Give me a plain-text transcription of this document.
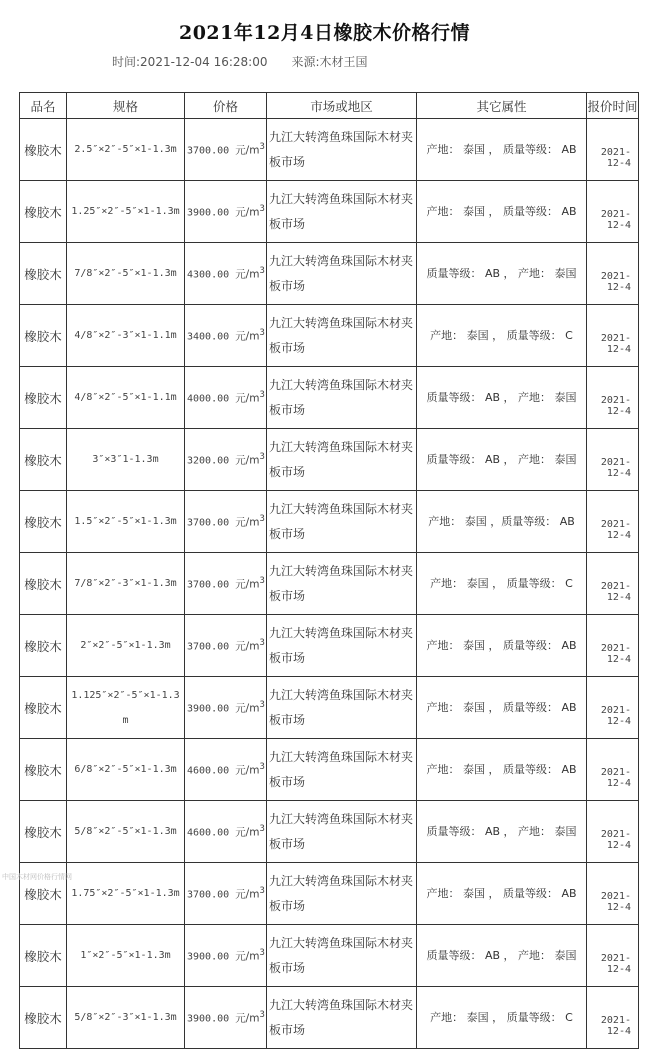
2021年12月4日橡胶木价格行情
时间:2021-12-04 16:28:00 来源:木材王国
品名	规格	价格	市场或地区	其它属性	报价时间
橡胶木	2.5″×2″-5″×1-1.3m	3700.00 元$/m^3$	九江大转湾鱼珠国际木材夹板市场	产地： 泰国 ， 质量等级： AB	2021-12-4
橡胶木	1.25″×2″-5″×1-1.3m	3900.00 元$/m^3$	九江大转湾鱼珠国际木材夹板市场	产地： 泰国 ， 质量等级： AB	2021-12-4
橡胶木	7/8″×2″-5″×1-1.3m	4300.00 元$/m^3$	九江大转湾鱼珠国际木材夹板市场	质量等级： AB ， 产地： 泰国	2021-12-4
橡胶木	4/8″×2″-3″×1-1.1m	3400.00 元$/m^3$	九江大转湾鱼珠国际木材夹板市场	产地： 泰国 ， 质量等级： C	2021-12-4
橡胶木	4/8″×2″-5″×1-1.1m	4000.00 元$/m^3$	九江大转湾鱼珠国际木材夹板市场	质量等级： AB ， 产地： 泰国	2021-12-4
橡胶木	3″×3″1-1.3m	3200.00 元$/m^3$	九江大转湾鱼珠国际木材夹板市场	质量等级： AB ， 产地： 泰国	2021-12-4
橡胶木	1.5″×2″-5″×1-1.3m	3700.00 元$/m^3$	九江大转湾鱼珠国际木材夹板市场	产地： 泰国 ，质量等级： AB	2021-12-4
橡胶木	7/8″×2″-3″×1-1.3m	3700.00 元$/m^3$	九江大转湾鱼珠国际木材夹板市场	产地： 泰国 ， 质量等级： C	2021-12-4
橡胶木	2″×2″-5″×1-1.3m	3700.00 元$/m^3$	九江大转湾鱼珠国际木材夹板市场	产地： 泰国 ， 质量等级： AB	2021-12-4
橡胶木	1.125″×2″-5″×1-1.3m	3900.00 元$/m^3$	九江大转湾鱼珠国际木材夹板市场	产地： 泰国 ， 质量等级： AB	2021-12-4
橡胶木	6/8″×2″-5″×1-1.3m	4600.00 元$/m^3$	九江大转湾鱼珠国际木材夹板市场	产地： 泰国 ， 质量等级： AB	2021-12-4
橡胶木	5/8″×2″-5″×1-1.3m	4600.00 元$/m^3$	九江大转湾鱼珠国际木材夹板市场	质量等级： AB ， 产地： 泰国	2021-12-4
橡胶木	1.75″×2″-5″×1-1.3m	3700.00 元$/m^3$	九江大转湾鱼珠国际木材夹板市场	产地： 泰国 ， 质量等级： AB	2021-12-4
橡胶木	1″×2″-5″×1-1.3m	3900.00 元$/m^3$	九江大转湾鱼珠国际木材夹板市场	质量等级： AB ， 产地： 泰国	2021-12-4
橡胶木	5/8″×2″-3″×1-1.3m	3900.00 元$/m^3$	九江大转湾鱼珠国际木材夹板市场	产地： 泰国 ， 质量等级： C	2021-12-4
中国木材网价格行情网
